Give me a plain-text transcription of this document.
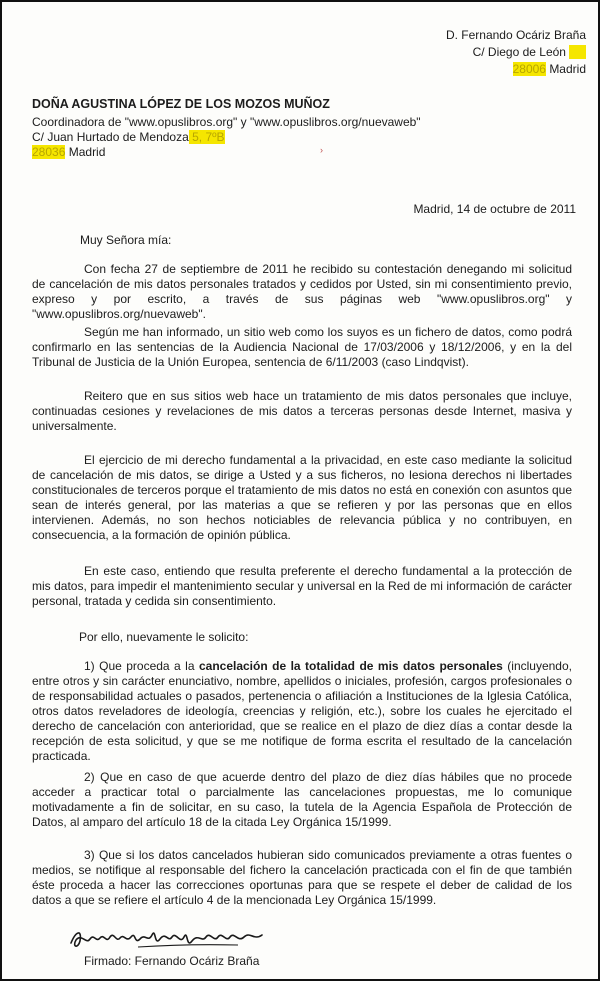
D. Fernando Ocáriz Braña
C/ Diego de León
28006 Madrid
DOÑA AGUSTINA LÓPEZ DE LOS MOZOS MUÑOZ
Coordinadora de "www.opuslibros.org" y "www.opuslibros.org/nuevaweb"
C/ Juan Hurtado de Mendoza 5, 7ºB
28036 Madrid	›
Madrid, 14 de octubre de 2011
Muy Señora mía:
Con fecha 27 de septiembre de 2011 he recibido su contestación denegando mi solicitud de cancelación de mis datos personales tratados y cedidos por Usted, sin mi consentimiento previo, expreso y por escrito, a través de sus páginas web "www.opuslibros.org" y "www.opuslibros.org/nuevaweb".
Según me han informado, un sitio web como los suyos es un fichero de datos, como podrá confirmarlo en las sentencias de la Audiencia Nacional de 17/03/2006 y 18/12/2006, y en la del Tribunal de Justicia de la Unión Europea, sentencia de 6/11/2003 (caso Lindqvist).
Reitero que en sus sitios web hace un tratamiento de mis datos personales que incluye, continuadas cesiones y revelaciones de mis datos a terceras personas desde Internet, masiva y universalmente.
El ejercicio de mi derecho fundamental a la privacidad, en este caso mediante la solicitud de cancelación de mis datos, se dirige a Usted y a sus ficheros, no lesiona derechos ni libertades constitucionales de terceros porque el tratamiento de mis datos no está en conexión con asuntos que sean de interés general, por las materias a que se refieren y por las personas que en ellos intervienen. Además, no son hechos noticiables de relevancia pública y no contribuyen, en consecuencia, a la formación de opinión pública.
En este caso, entiendo que resulta preferente el derecho fundamental a la protección de mis datos, para impedir el mantenimiento secular y universal en la Red de mi información de carácter personal, tratada y cedida sin consentimiento.
Por ello, nuevamente le solicito:
1) Que proceda a la cancelación de la totalidad de mis datos personales (incluyendo, entre otros y sin carácter enunciativo, nombre, apellidos o iniciales, profesión, cargos profesionales o de responsabilidad actuales o pasados, pertenencia o afiliación a Instituciones de la Iglesia Católica, otros datos reveladores de ideología, creencias y religión, etc.), sobre los cuales he ejercitado el derecho de cancelación con anterioridad, que se realice en el plazo de diez días a contar desde la recepción de esta solicitud, y que se me notifique de forma escrita el resultado de la cancelación practicada.
2) Que en caso de que acuerde dentro del plazo de diez días hábiles que no procede acceder a practicar total o parcialmente las cancelaciones propuestas, me lo comunique motivadamente a fin de solicitar, en su caso, la tutela de la Agencia Española de Protección de Datos, al amparo del artículo 18 de la citada Ley Orgánica 15/1999.
3) Que si los datos cancelados hubieran sido comunicados previamente a otras fuentes o medios, se notifique al responsable del fichero la cancelación practicada con el fin de que también éste proceda a hacer las correcciones oportunas para que se respete el deber de calidad de los datos a que se refiere el artículo 4 de la mencionada Ley Orgánica 15/1999.
Firmado: Fernando Ocáriz Braña
